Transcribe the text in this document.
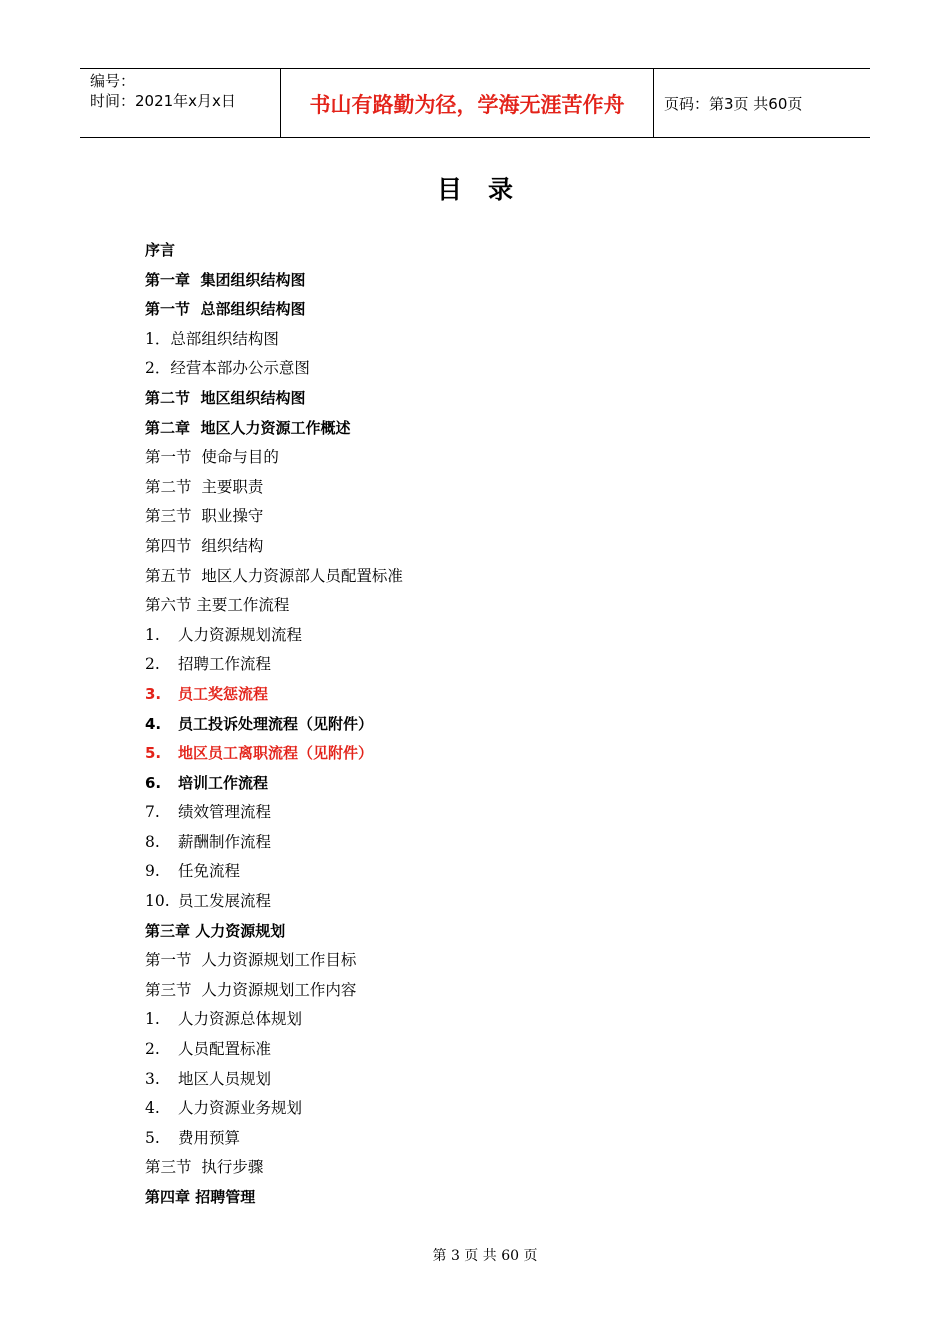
编号：
时间：2021年x月x日	书山有路勤为径，学海无涯苦作舟	页码：第3页 共60页
目录
序言
第一章  集团组织结构图
第一节  总部组织结构图
1．总部组织结构图
2．经营本部办公示意图
第二节  地区组织结构图
第二章  地区人力资源工作概述
第一节  使命与目的
第二节  主要职责
第三节  职业操守
第四节  组织结构
第五节  地区人力资源部人员配置标准
第六节 主要工作流程
1. 人力资源规划流程
2. 招聘工作流程
3. 员工奖惩流程
4. 员工投诉处理流程（见附件）
5. 地区员工离职流程（见附件）
6. 培训工作流程
7. 绩效管理流程
8. 薪酬制作流程
9. 任免流程
10. 员工发展流程
第三章 人力资源规划
第一节  人力资源规划工作目标
第三节  人力资源规划工作内容
1. 人力资源总体规划
2. 人员配置标准
3. 地区人员规划
4. 人力资源业务规划
5. 费用预算
第三节  执行步骤
第四章 招聘管理
第 3 页 共 60 页
